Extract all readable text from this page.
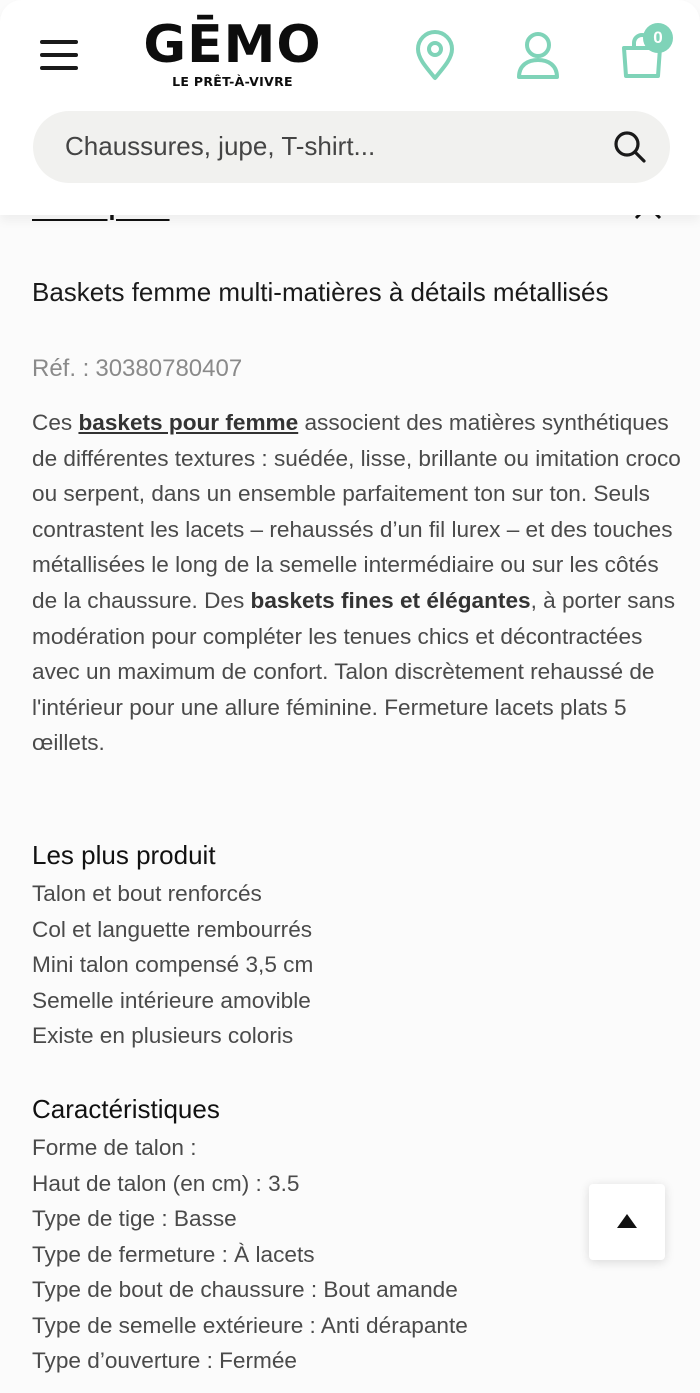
GĒMO
LE PRÊT-À-VIVRE
0
Chaussures, jupe, T-shirt...
Baskets femme multi-matières à détails métallisés
Réf. : 30380780407

Ces baskets pour femme associent des matières synthétiques de différentes textures : suédée, lisse, brillante ou imitation croco ou serpent, dans un ensemble parfaitement ton sur ton. Seuls contrastent les lacets – rehaussés d’un fil lurex – et des touches métallisées le long de la semelle intermédiaire ou sur les côtés de la chaussure. Des baskets fines et élégantes, à porter sans modération pour compléter les tenues chics et décontractées avec un maximum de confort. Talon discrètement rehaussé de l'intérieur pour une allure féminine. Fermeture lacets plats 5 œillets.

Les plus produit
Talon et bout renforcés
Col et languette rembourrés
Mini talon compensé 3,5 cm
Semelle intérieure amovible
Existe en plusieurs coloris
Caractéristiques
Forme de talon :
Haut de talon (en cm) : 3.5
Type de tige : Basse
Type de fermeture : À lacets
Type de bout de chaussure : Bout amande
Type de semelle extérieure : Anti dérapante
Type d’ouverture : Fermée
